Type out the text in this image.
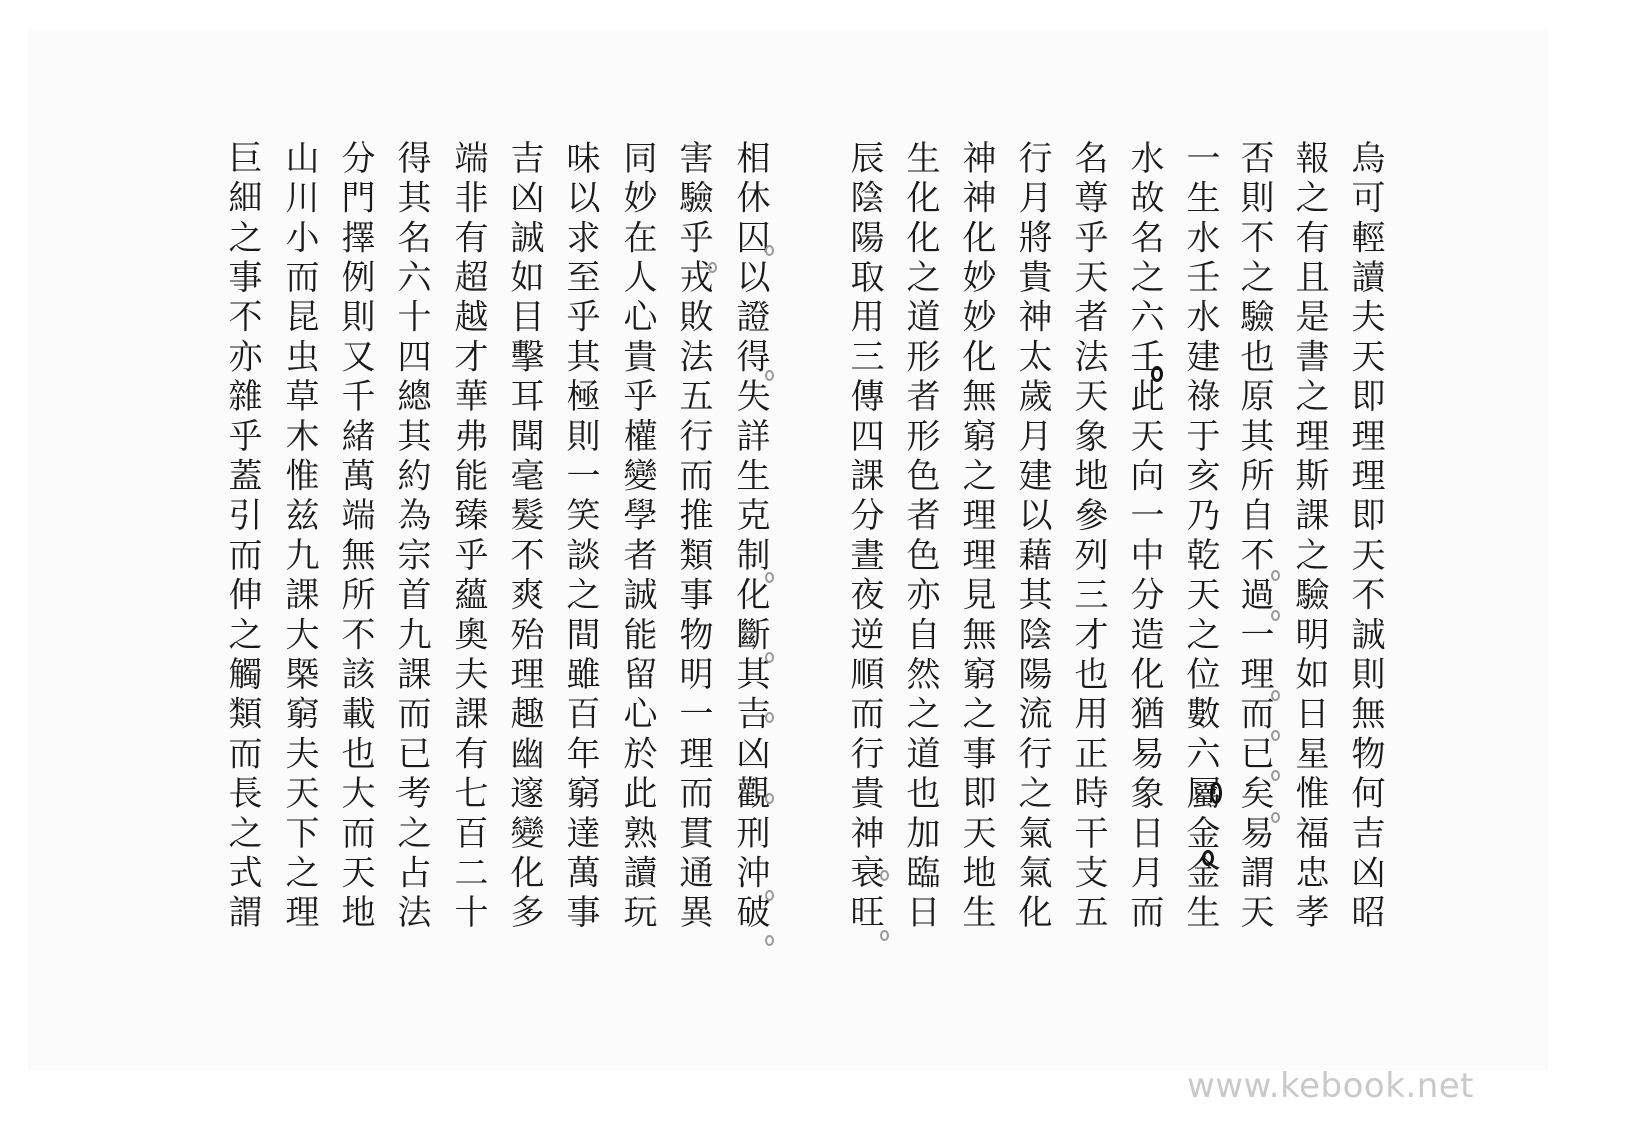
烏可輕讀夫天即理理即天不誠則無物何吉凶昭
報之有且是書之理斯課之驗明如日星惟福忠孝
否則不之驗也原其所自不過一理而已矣易謂天
一生水壬水建祿于亥乃乾天之位數六屬金金生
水故名之六壬此天向一中分造化猶易象日月而
名尊乎天者法天象地參列三才也用正時干支五
行月將貴神太歲月建以藉其陰陽流行之氣氣化
神神化妙妙化無窮之理理見無窮之事即天地生
生化化之道形者形色者色亦自然之道也加臨日
辰陰陽取用三傳四課分晝夜逆順而行貴神衰旺
相休囚以證得失詳生克制化斷其吉凶觀刑沖破
害驗乎戎敗法五行而推類事物明一理而貫通異
同妙在人心貴乎權變學者誠能留心於此熟讀玩
味以求至乎其極則一笑談之間雖百年窮達萬事
吉凶誠如目擊耳聞毫髮不爽殆理趣幽邃變化多
端非有超越才華弗能臻乎蘊奧夫課有七百二十
得其名六十四總其約為宗首九課而已考之占法
分門擇例則又千緒萬端無所不該載也大而天地
山川小而昆虫草木惟兹九課大槩窮夫天下之理
巨細之事不亦雜乎蓋引而伸之觸類而長之式謂
www.kebook.net
